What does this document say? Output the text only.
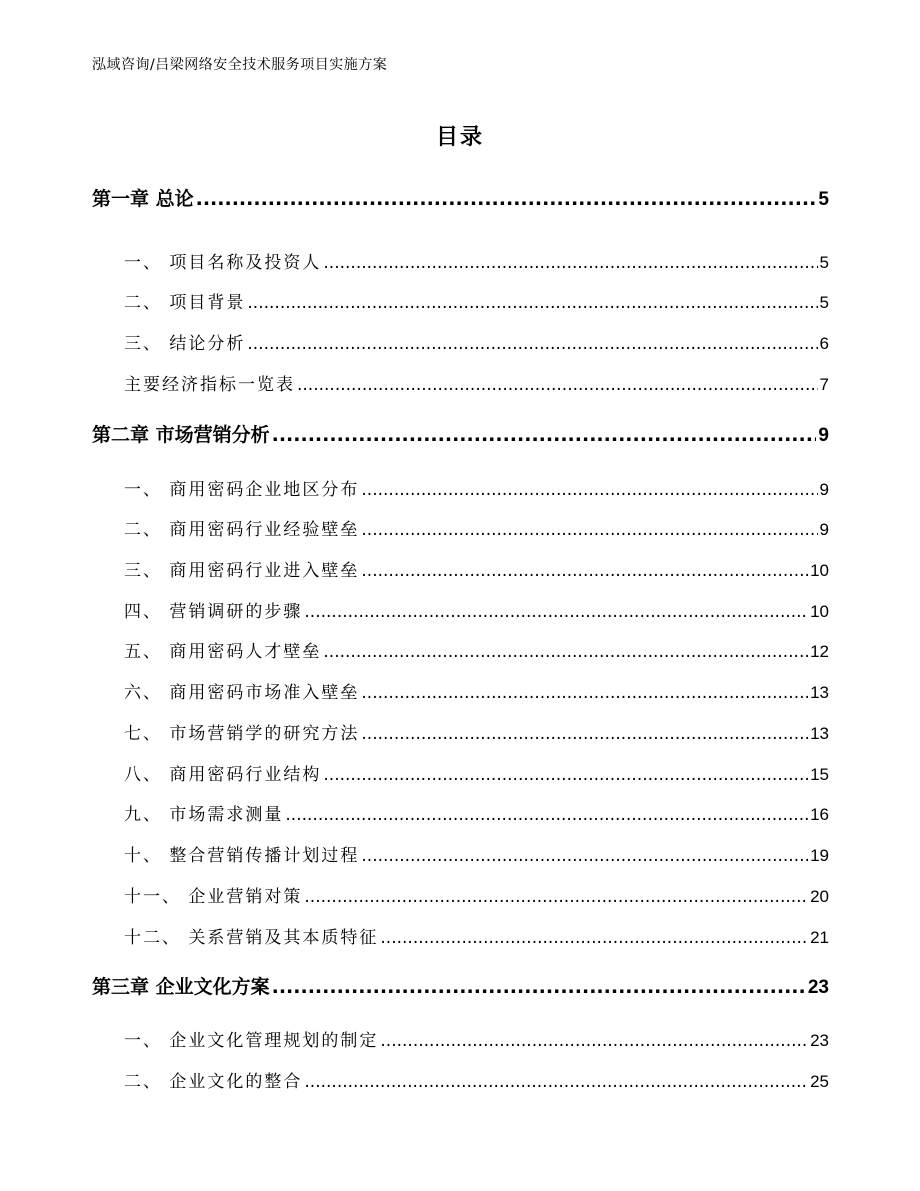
泓域咨询/吕梁网络安全技术服务项目实施方案
目录
第一章 总论 .....	5
一、 项目名称及投资人 .....	5
二、 项目背景 .....	5
三、 结论分析 .....	6
主要经济指标一览表 .....	7
第二章 市场营销分析 .....	9
一、 商用密码企业地区分布 .....	9
二、 商用密码行业经验壁垒 .....	9
三、 商用密码行业进入壁垒 .....	10
四、 营销调研的步骤 .....	10
五、 商用密码人才壁垒 .....	12
六、 商用密码市场准入壁垒 .....	13
七、 市场营销学的研究方法 .....	13
八、 商用密码行业结构 .....	15
九、 市场需求测量 .....	16
十、 整合营销传播计划过程 .....	19
十一、 企业营销对策 .....	20
十二、 关系营销及其本质特征 .....	21
第三章 企业文化方案 .....	23
一、 企业文化管理规划的制定 .....	23
二、 企业文化的整合 .....	25
